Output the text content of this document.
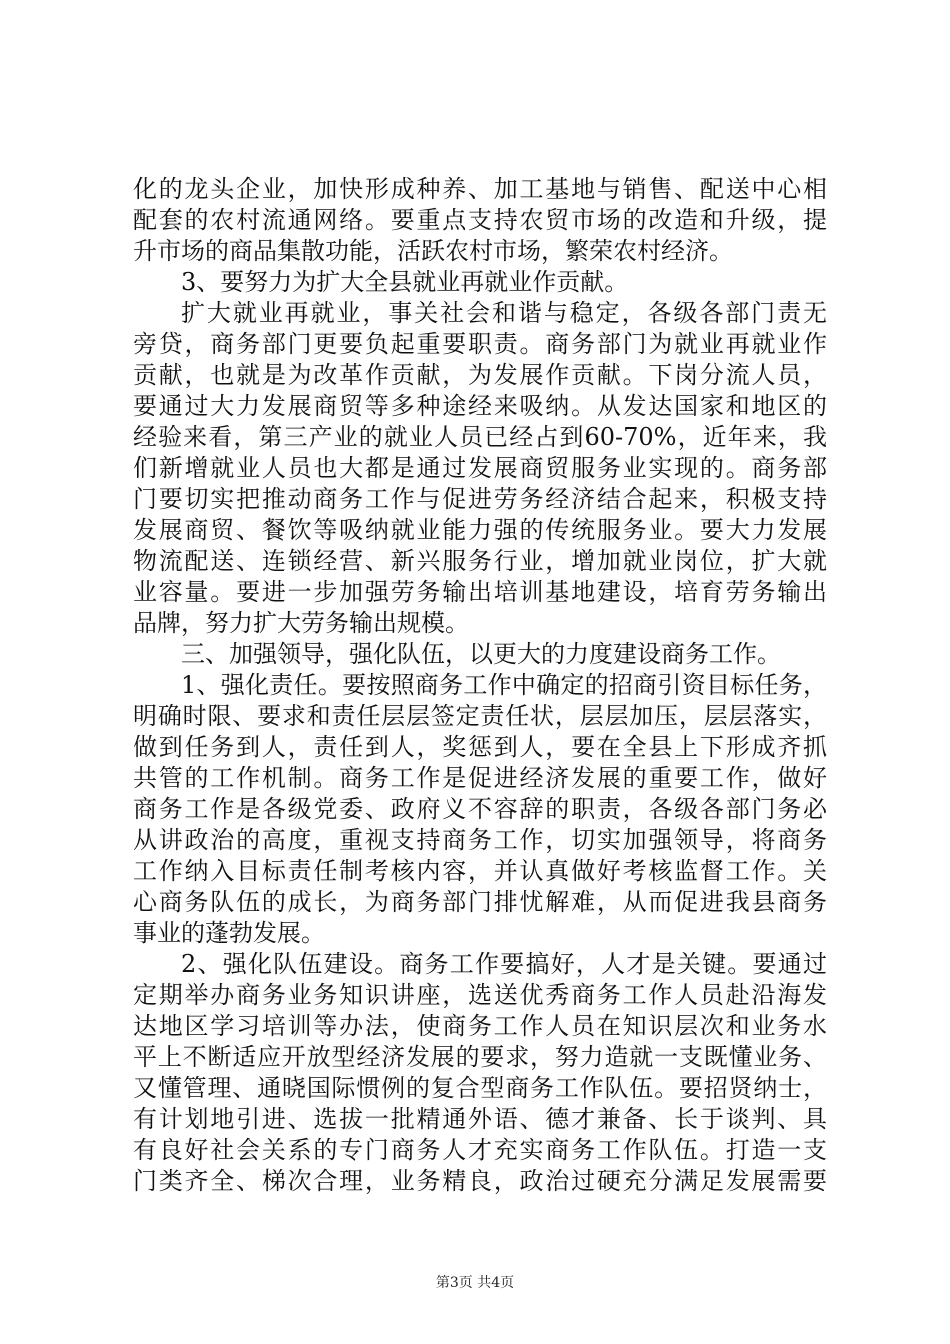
化的龙头企业，加快形成种养、加工基地与销售、配送中心相
配套的农村流通网络。要重点支持农贸市场的改造和升级，提
升市场的商品集散功能，活跃农村市场，繁荣农村经济。
3、要努力为扩大全县就业再就业作贡献。
扩大就业再就业，事关社会和谐与稳定，各级各部门责无
旁贷，商务部门更要负起重要职责。商务部门为就业再就业作
贡献，也就是为改革作贡献，为发展作贡献。下岗分流人员，
要通过大力发展商贸等多种途经来吸纳。从发达国家和地区的
经验来看，第三产业的就业人员已经占到60-70%，近年来，我
们新增就业人员也大都是通过发展商贸服务业实现的。商务部
门要切实把推动商务工作与促进劳务经济结合起来，积极支持
发展商贸、餐饮等吸纳就业能力强的传统服务业。要大力发展
物流配送、连锁经营、新兴服务行业，增加就业岗位，扩大就
业容量。要进一步加强劳务输出培训基地建设，培育劳务输出
品牌，努力扩大劳务输出规模。
三、加强领导，强化队伍，以更大的力度建设商务工作。
1、强化责任。要按照商务工作中确定的招商引资目标任务，
明确时限、要求和责任层层签定责任状，层层加压，层层落实，
做到任务到人，责任到人，奖惩到人，要在全县上下形成齐抓
共管的工作机制。商务工作是促进经济发展的重要工作，做好
商务工作是各级党委、政府义不容辞的职责，各级各部门务必
从讲政治的高度，重视支持商务工作，切实加强领导，将商务
工作纳入目标责任制考核内容，并认真做好考核监督工作。关
心商务队伍的成长，为商务部门排忧解难，从而促进我县商务
事业的蓬勃发展。
2、强化队伍建设。商务工作要搞好，人才是关键。要通过
定期举办商务业务知识讲座，选送优秀商务工作人员赴沿海发
达地区学习培训等办法，使商务工作人员在知识层次和业务水
平上不断适应开放型经济发展的要求，努力造就一支既懂业务、
又懂管理、通晓国际惯例的复合型商务工作队伍。要招贤纳士，
有计划地引进、选拔一批精通外语、德才兼备、长于谈判、具
有良好社会关系的专门商务人才充实商务工作队伍。打造一支
门类齐全、梯次合理，业务精良，政治过硬充分满足发展需要
第3页 共4页
